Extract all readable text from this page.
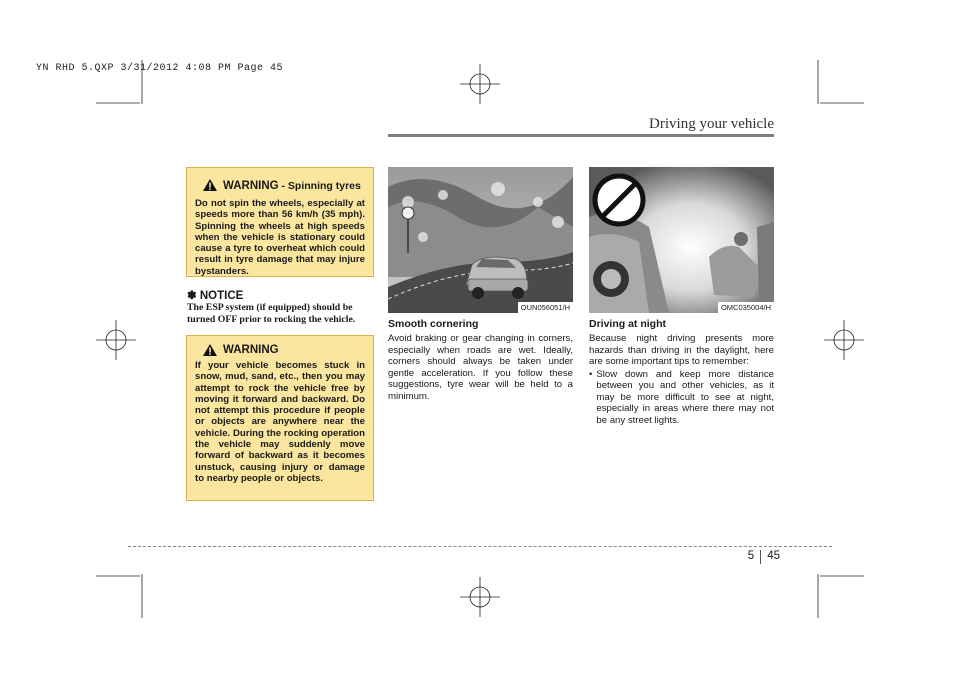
YN RHD 5.QXP 3/31/2012 4:08 PM Page 45
Driving your vehicle
WARNING - Spinning tyres
Do not spin the wheels, especially at speeds more than 56 km/h (35 mph). Spinning the wheels at high speeds when the vehicle is stationary could cause a tyre to overheat which could result in tyre damage that may injure bystanders.
✽ NOTICE
The ESP system (if equipped) should be turned OFF prior to rocking the vehicle.
WARNING
If your vehicle becomes stuck in snow, mud, sand, etc., then you may attempt to rock the vehicle free by moving it forward and backward. Do not attempt this procedure if people or objects are anywhere near the vehicle. During the rocking operation the vehicle may suddenly move forward of backward as it becomes unstuck, causing injury or damage to nearby people or objects.
OUN056051/H
Smooth cornering
Avoid braking or gear changing in corners, especially when roads are wet. Ideally, corners should always be taken under gentle acceleration. If you follow these suggestions, tyre wear will be held to a minimum.
OMC035004/H
Driving at night
Because night driving presents more hazards than driving in the daylight, here are some important tips to remember:
• Slow down and keep more distance between you and other vehicles, as it may be more difficult to see at night, especially in areas where there may not be any street lights.
5 45
